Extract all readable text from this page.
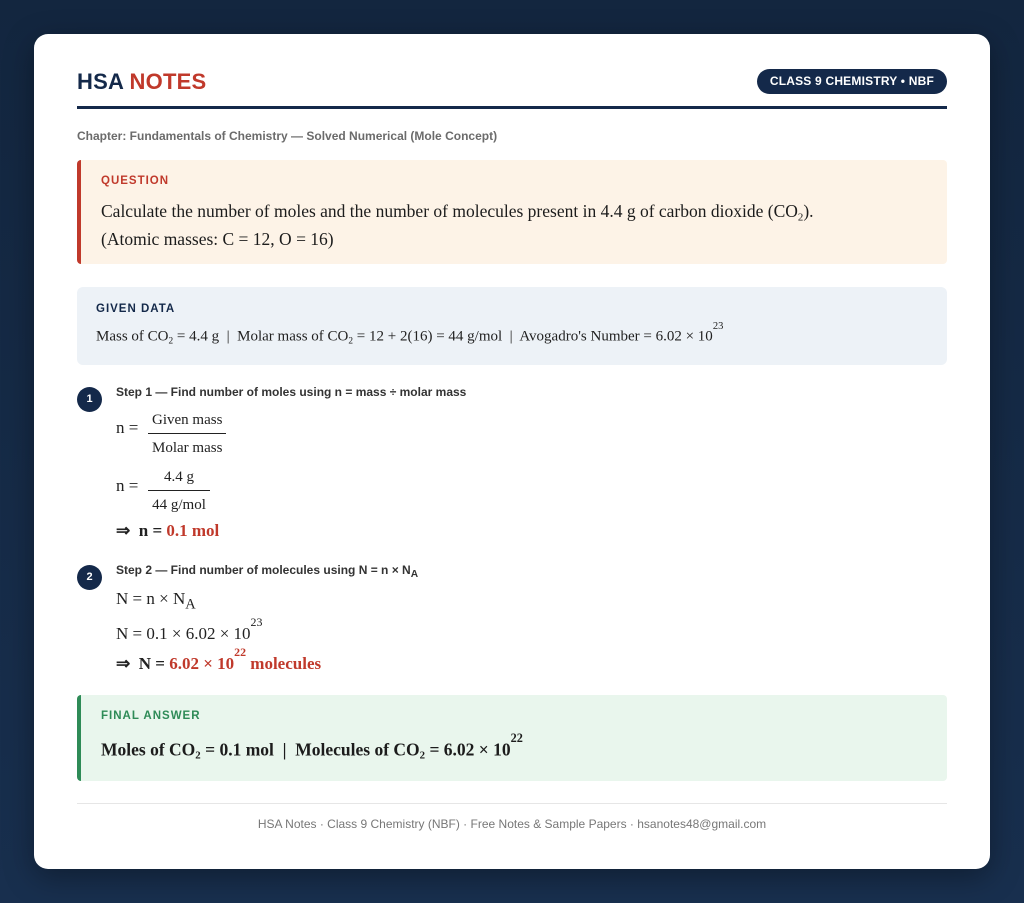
HSA NOTES	CLASS 9 CHEMISTRY • NBF
Chapter: Fundamentals of Chemistry — Solved Numerical (Mole Concept)
QUESTION
Calculate the number of moles and the number of molecules present in 4.4 g of carbon dioxide $(CO_2)$.
(Atomic masses: C = 12, O = 16)
GIVEN DATA
Mass of $CO_2 = 4.4$ g  |  Molar mass of $CO_2 = 12 + 2(16) = 44$ g/mol  |  Avogadro's Number = $6.02 \times 10^{23}$
1	Step 1 — Find number of moles using n = mass ÷ molar mass
n = Given mass
Molar mass
n =	4.4 g
44 g/mol
⇒  n = 0.1 mol
2	Step 2 — Find number of molecules using $N = n \times N_A$
$N = n \times N_A$
$N = 0.1 \times 6.02 \times 10^{23}$
⇒  $N = 6.02 \times 10^{22}$ molecules
FINAL ANSWER
Moles of $CO_2 = 0.1$ mol  |  Molecules of $CO_2 = 6.02 \times 10^{22}$
HSA Notes · Class 9 Chemistry (NBF) · Free Notes & Sample Papers · hsanotes48@gmail.com
